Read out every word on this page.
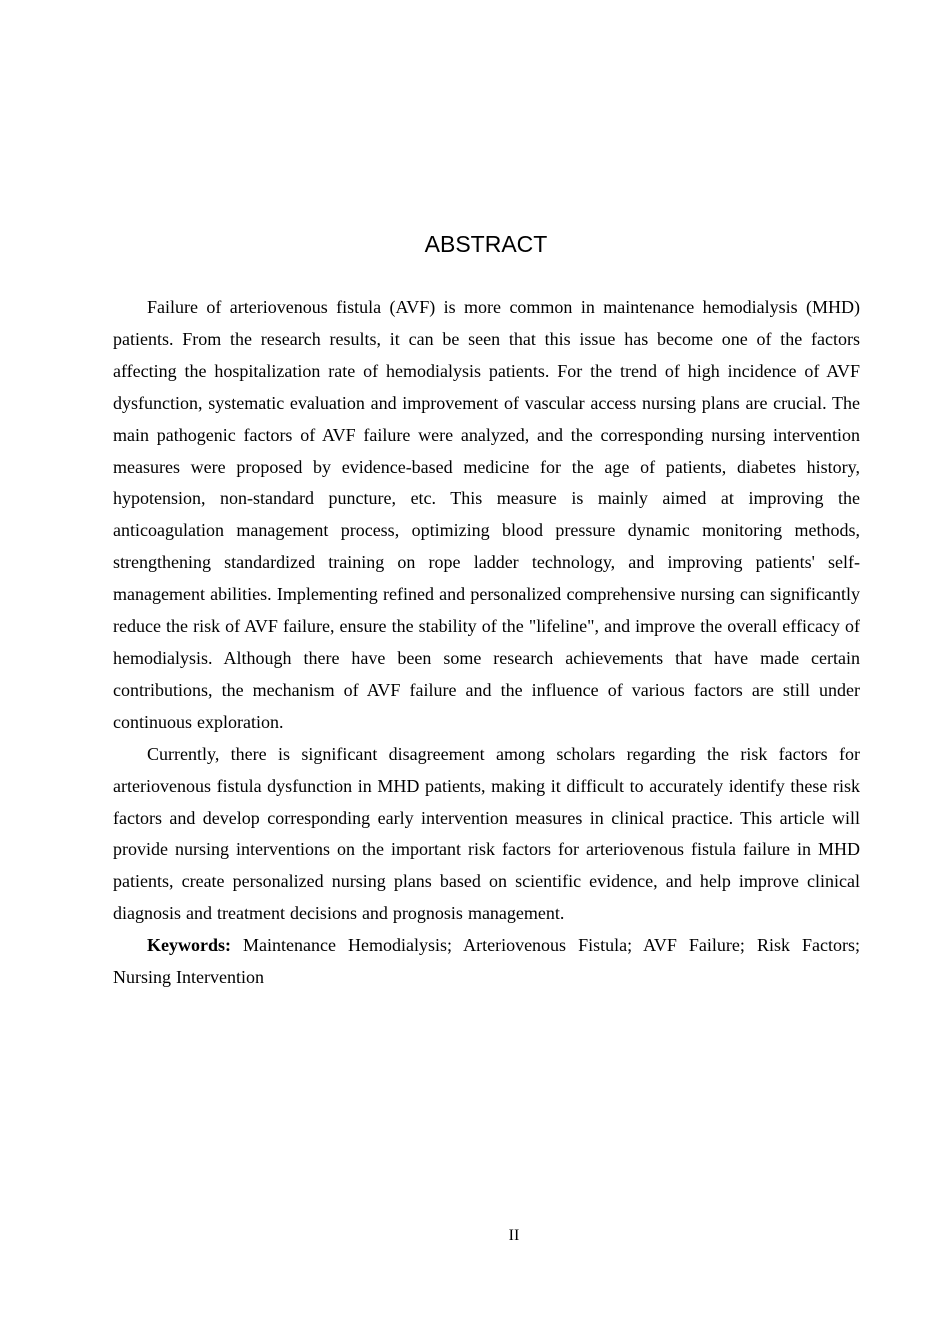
ABSTRACT

Failure of arteriovenous fistula (AVF) is more common in maintenance hemodialysis (MHD) patients. From the research results, it can be seen that this issue has become one of the factors affecting the hospitalization rate of hemodialysis patients. For the trend of high incidence of AVF dysfunction, systematic evaluation and improvement of vascular access nursing plans are crucial. The main pathogenic factors of AVF failure were analyzed, and the corresponding nursing intervention measures were proposed by evidence-based medicine for the age of patients, diabetes history, hypotension, non-standard puncture, etc. This measure is mainly aimed at improving the anticoagulation management process, optimizing blood pressure dynamic monitoring methods, strengthening standardized training on rope ladder technology, and improving patients' self-management abilities. Implementing refined and personalized comprehensive nursing can significantly reduce the risk of AVF failure, ensure the stability of the "lifeline", and improve the overall efficacy of hemodialysis. Although there have been some research achievements that have made certain contributions, the mechanism of AVF failure and the influence of various factors are still under continuous exploration.

Currently, there is significant disagreement among scholars regarding the risk factors for arteriovenous fistula dysfunction in MHD patients, making it difficult to accurately identify these risk factors and develop corresponding early intervention measures in clinical practice. This article will provide nursing interventions on the important risk factors for arteriovenous fistula failure in MHD patients, create personalized nursing plans based on scientific evidence, and help improve clinical diagnosis and treatment decisions and prognosis management.

Keywords: Maintenance Hemodialysis; Arteriovenous Fistula; AVF Failure; Risk Factors; Nursing Intervention

II
